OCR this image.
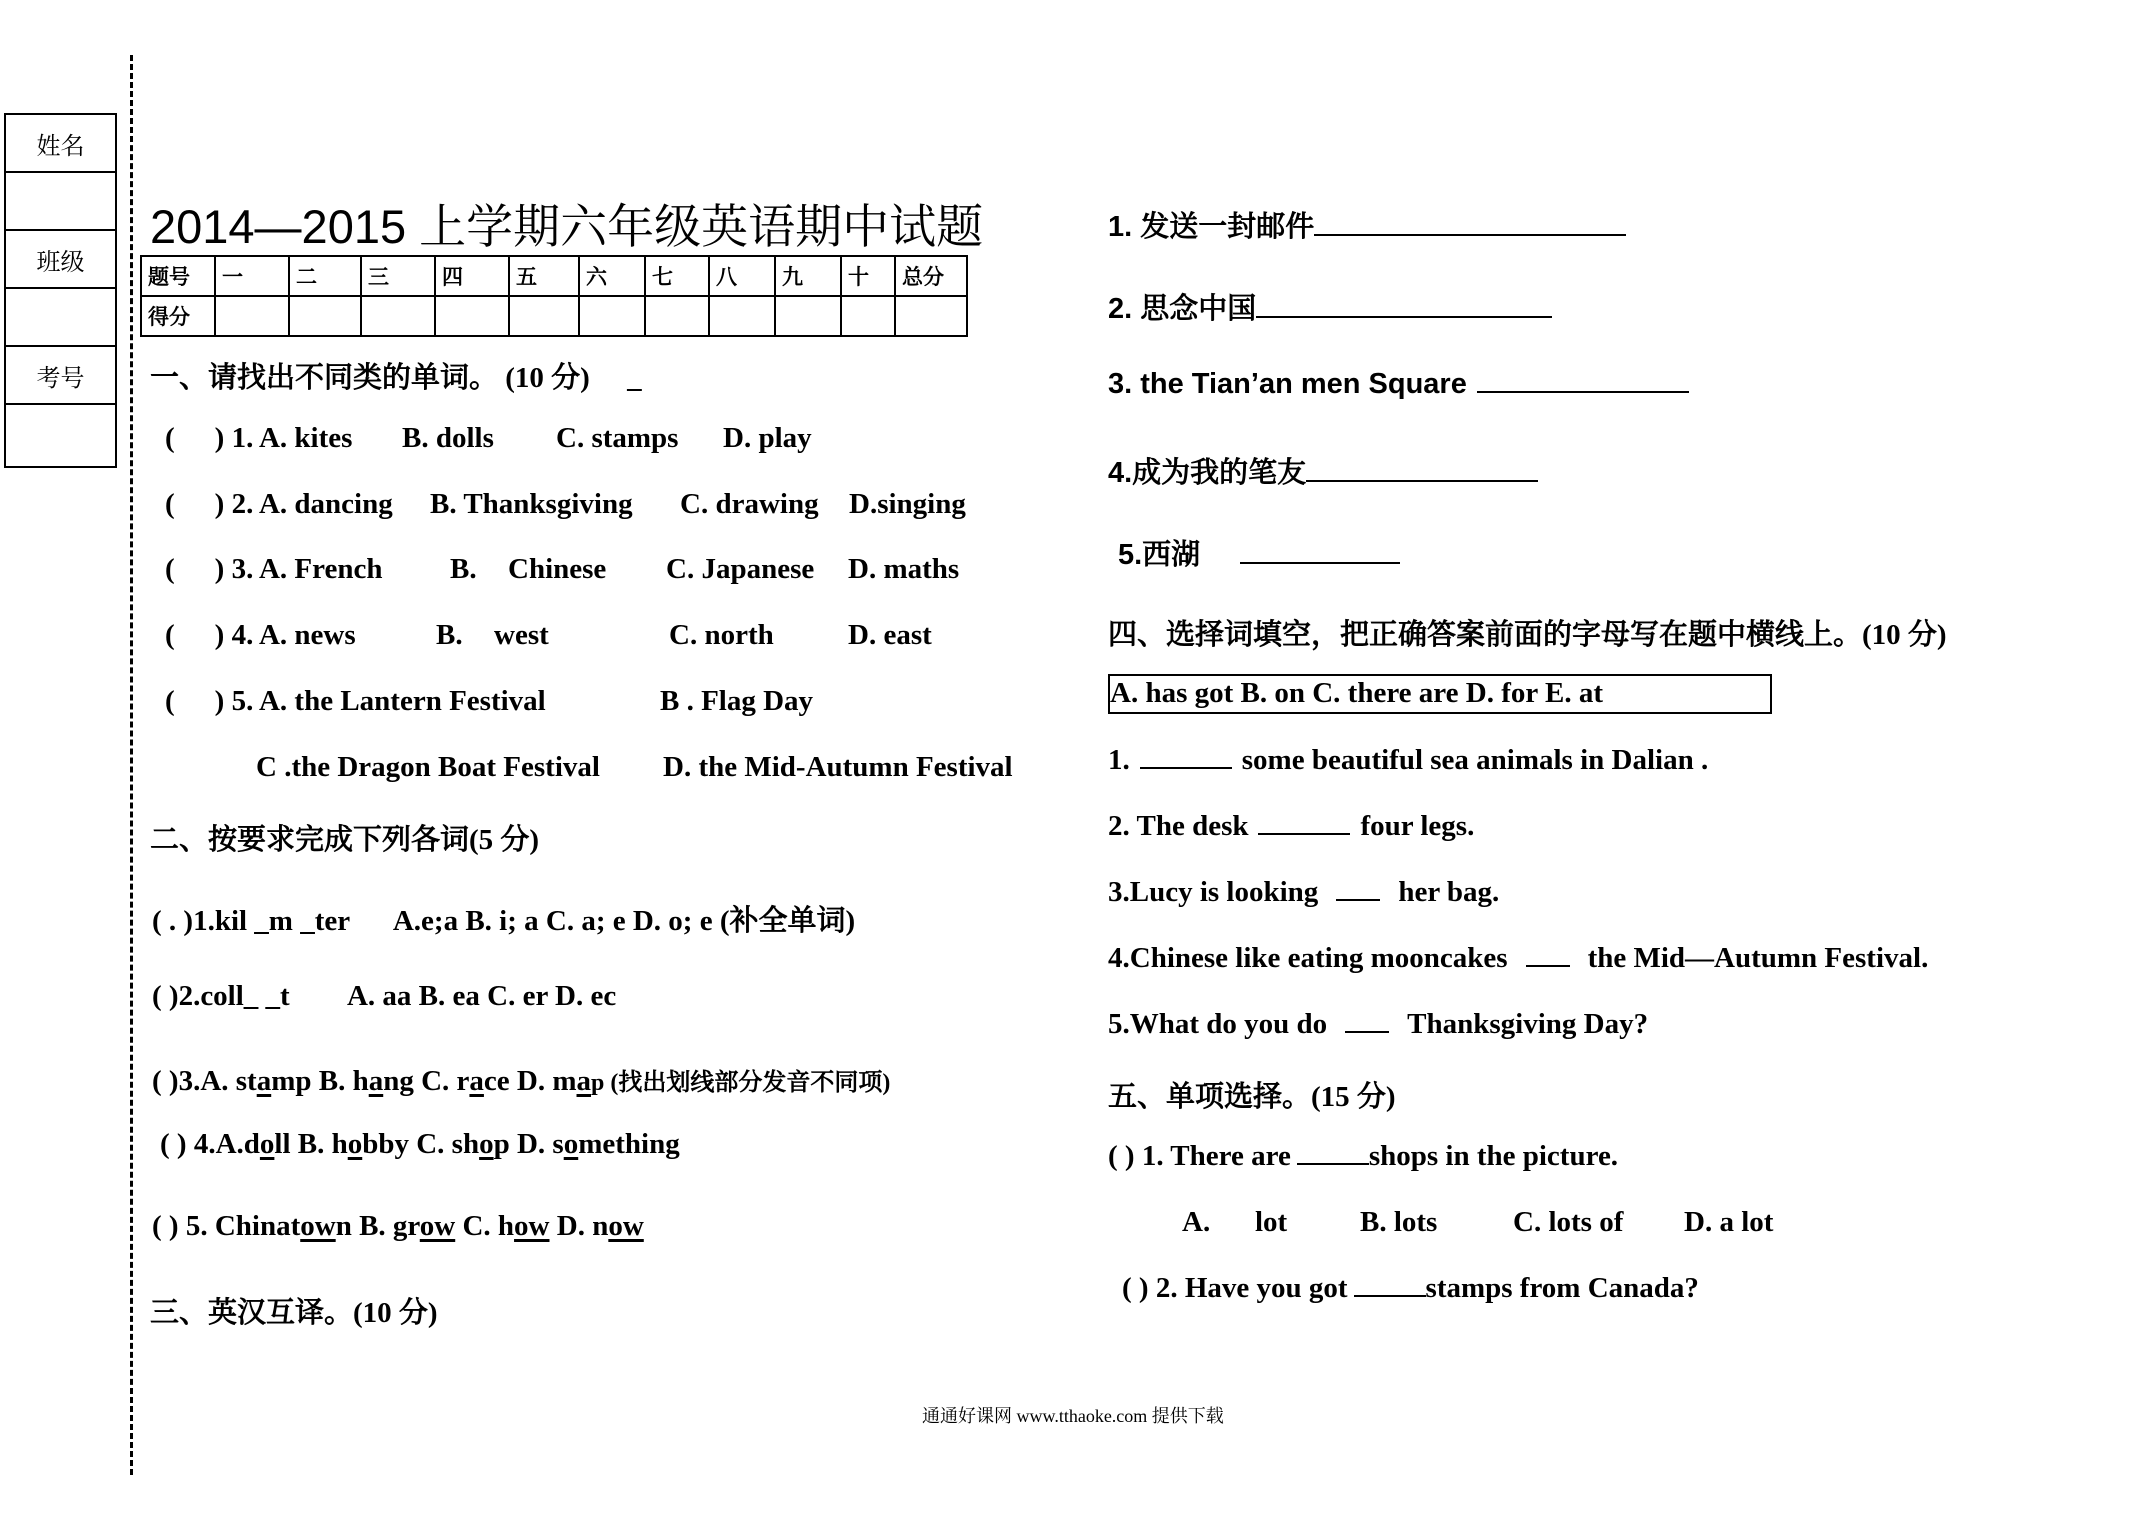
姓名
班级
考号
2014—2015 上学期六年级英语期中试题
题号	一	二	三	四	五	六	七	八	九	十	总分
得分											
一、请找出不同类的单词。 (10 分) _
( ) 1. A. kites B. dolls C. stamps D. play
( ) 2. A. dancing B. Thanksgiving C. drawing D.singing
( ) 3. A. French B. Chinese C. Japanese D. maths
( ) 4. A. news	B. west	C. north	D. east
( ) 5. A. the Lantern Festival	B . Flag Day
C .the Dragon Boat Festival D. the Mid-Autumn Festival
二、按要求完成下列各词(5 分)
( . )1.kil _m _ter A.e;a B. i; a C. a; e D. o; e (补全单词)
( )2.coll_ _t A. aa B. ea C. er D. ec
( )3.A. stamp B. hang C. race D. map (找出划线部分发音不同项)
( ) 4.A.doll B. hobby C. shop D. something
( ) 5. Chinatown B. grow C. how D. now
三、英汉互译。(10 分)
1. 发送一封邮件
2. 思念中国
3. the Tian’an men Square
4.成为我的笔友
5.西湖
四、选择词填空，把正确答案前面的字母写在题中横线上。(10 分)
A. has got B. on C. there are D. for E. at
1.	some beautiful sea animals in Dalian .
2. The desk	four legs.
3.Lucy is looking	her bag.
4.Chinese like eating mooncakes	the Mid—Autumn Festival.
5.What do you do	Thanksgiving Day?
五、单项选择。(15 分)
( ) 1. There are	shops in the picture.
A. lot	B. lots	C. lots of D. a lot
( ) 2. Have you got	stamps from Canada?
通通好课网 www.tthaoke.com 提供下载
